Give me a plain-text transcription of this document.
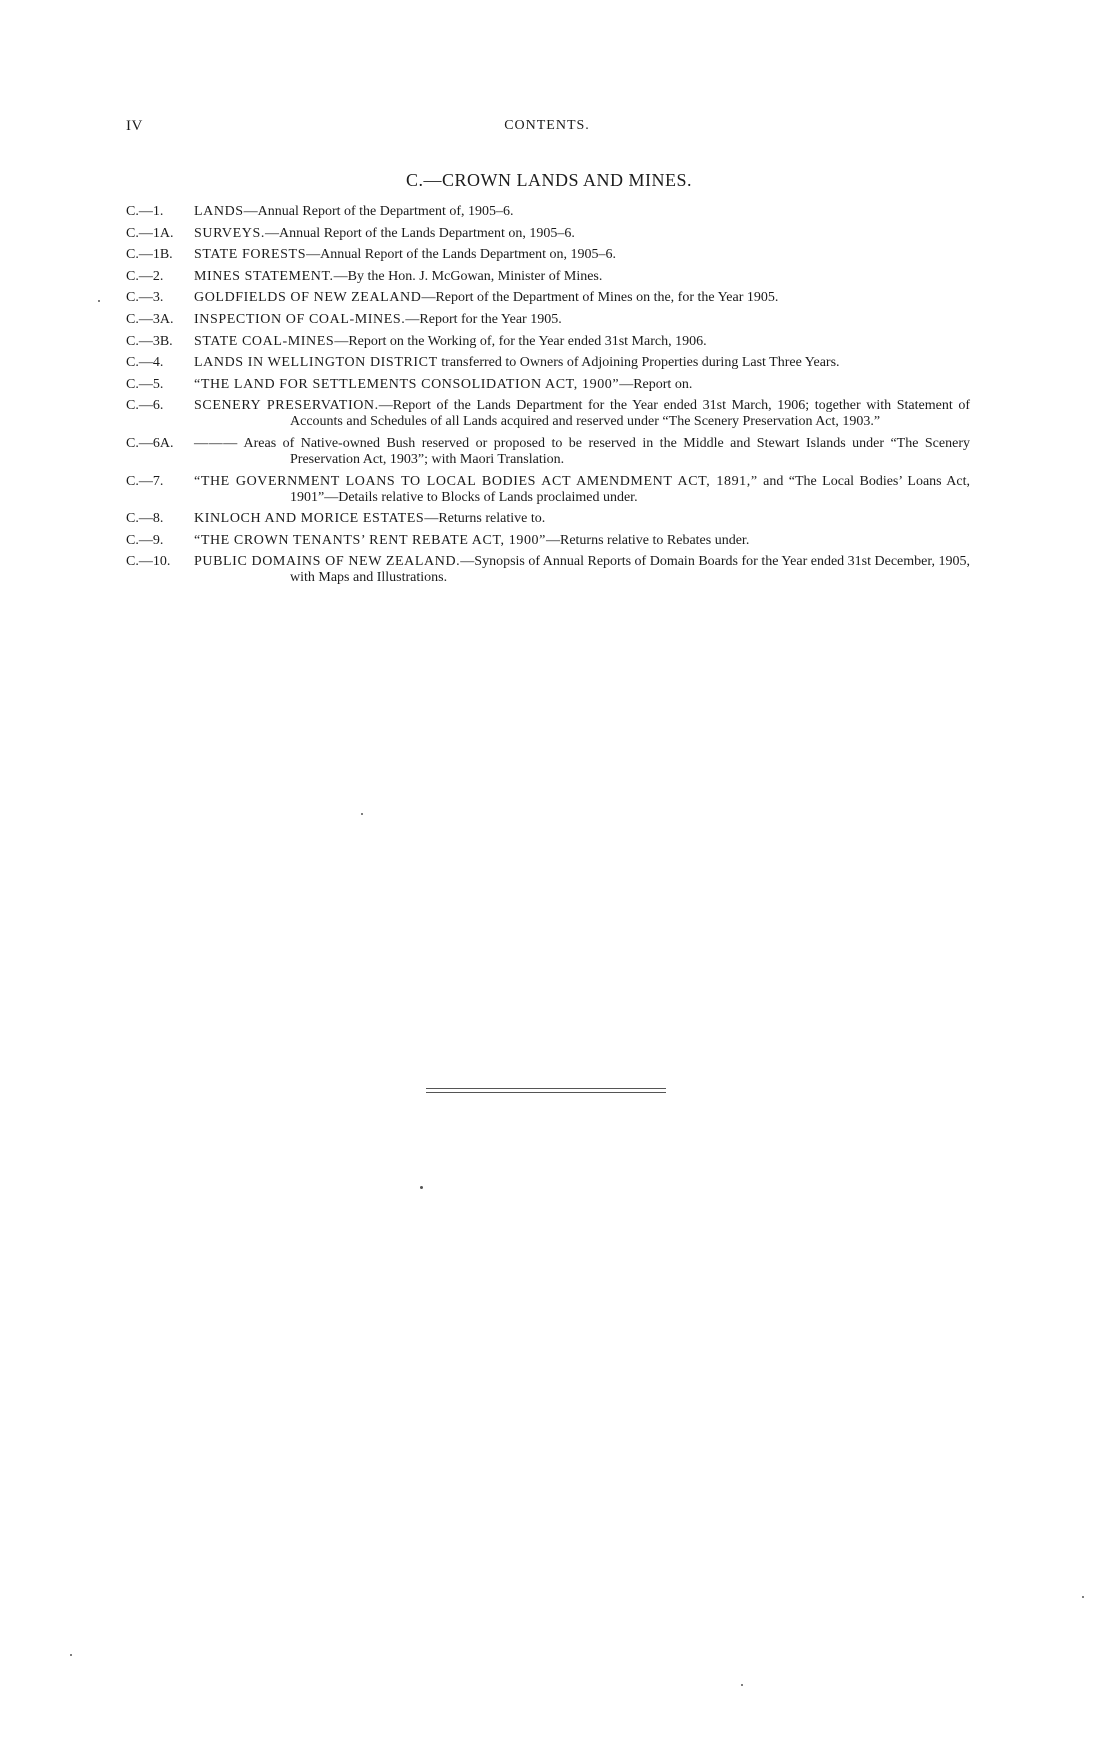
IV	CONTENTS.
C.—CROWN LANDS AND MINES.
C.—1.	LANDS—Annual Report of the Department of, 1905–6.
C.—1A.	SURVEYS.—Annual Report of the Lands Department on, 1905–6.
C.—1B.	STATE FORESTS—Annual Report of the Lands Department on, 1905–6.
C.—2.	MINES STATEMENT.—By the Hon. J. McGowan, Minister of Mines.
C.—3.	GOLDFIELDS OF NEW ZEALAND—Report of the Department of Mines on the, for the Year 1905.
C.—3A.	INSPECTION OF COAL-MINES.—Report for the Year 1905.
C.—3B.	STATE COAL-MINES—Report on the Working of, for the Year ended 31st March, 1906.
C.—4.	LANDS IN WELLINGTON DISTRICT transferred to Owners of Adjoining Properties during Last Three Years.
C.—5.	“THE LAND FOR SETTLEMENTS CONSOLIDATION ACT, 1900”—Report on.
C.—6.	SCENERY PRESERVATION.—Report of the Lands Department for the Year ended 31st March, 1906; together with Statement of Accounts and Schedules of all Lands acquired and reserved under “The Scenery Preservation Act, 1903.”
C.—6A.	——— Areas of Native-owned Bush reserved or proposed to be reserved in the Middle and Stewart Islands under “The Scenery Preservation Act, 1903”; with Maori Translation.
C.—7.	“THE GOVERNMENT LOANS TO LOCAL BODIES ACT AMENDMENT ACT, 1891,” and “The Local Bodies’ Loans Act, 1901”—Details relative to Blocks of Lands proclaimed under.
C.—8.	KINLOCH AND MORICE ESTATES—Returns relative to.
C.—9.	“THE CROWN TENANTS’ RENT REBATE ACT, 1900”—Returns relative to Rebates under.
C.—10.	PUBLIC DOMAINS OF NEW ZEALAND.—Synopsis of Annual Reports of Domain Boards for the Year ended 31st December, 1905, with Maps and Illustrations.
